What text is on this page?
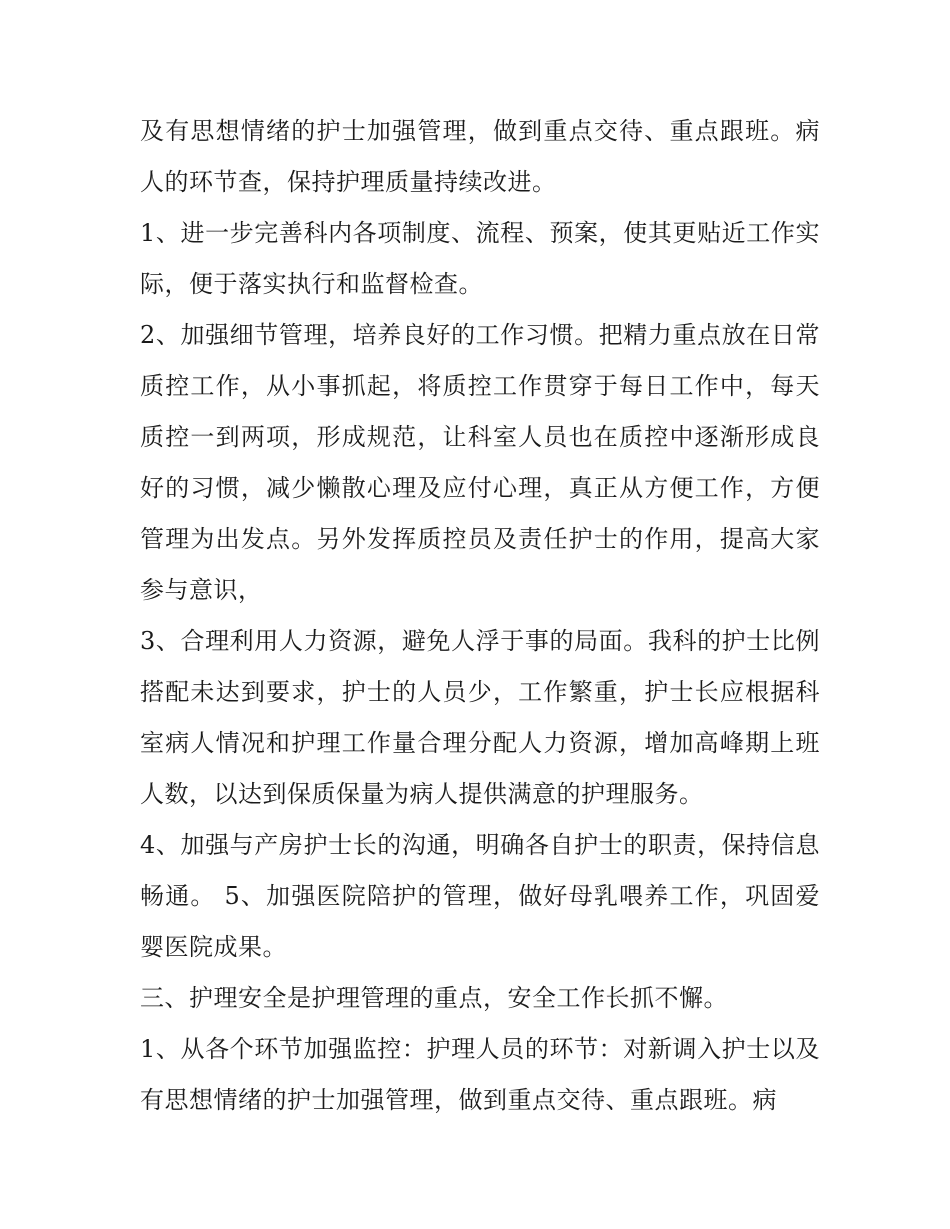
及有思想情绪的护士加强管理，做到重点交待、重点跟班。病人的环节查，保持护理质量持续改进。

1、进一步完善科内各项制度、流程、预案，使其更贴近工作实际，便于落实执行和监督检查。

2、加强细节管理，培养良好的工作习惯。把精力重点放在日常质控工作，从小事抓起，将质控工作贯穿于每日工作中，每天质控一到两项，形成规范，让科室人员也在质控中逐渐形成良好的习惯，减少懒散心理及应付心理，真正从方便工作，方便管理为出发点。另外发挥质控员及责任护士的作用，提高大家参与意识，

3、合理利用人力资源，避免人浮于事的局面。我科的护士比例搭配未达到要求，护士的人员少，工作繁重，护士长应根据科室病人情况和护理工作量合理分配人力资源，增加高峰期上班人数，以达到保质保量为病人提供满意的护理服务。

4、加强与产房护士长的沟通，明确各自护士的职责，保持信息畅通。 5、加强医院陪护的管理，做好母乳喂养工作，巩固爱婴医院成果。

三、护理安全是护理管理的重点，安全工作长抓不懈。

1、从各个环节加强监控：护理人员的环节：对新调入护士以及有思想情绪的护士加强管理，做到重点交待、重点跟班。病
